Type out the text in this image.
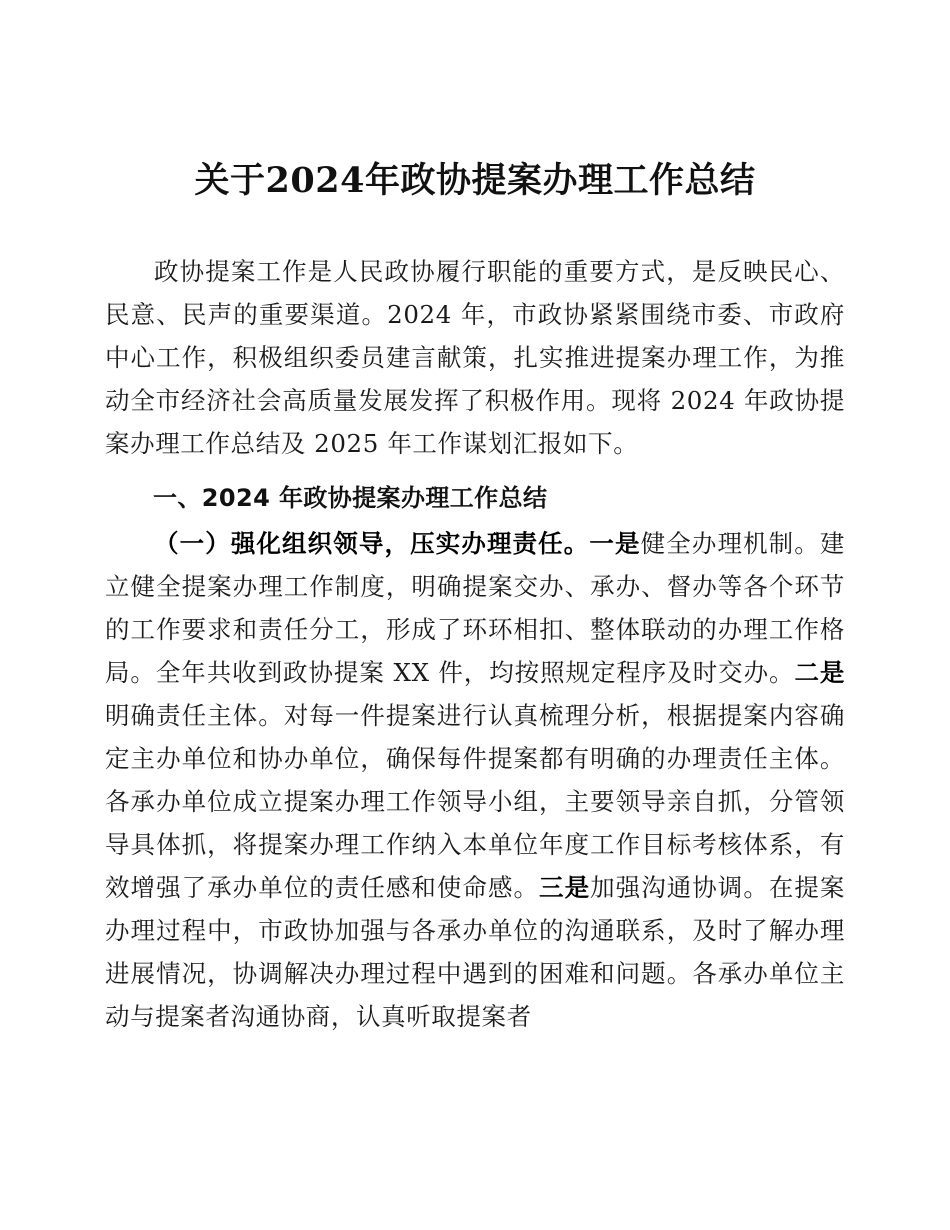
关于2024年政协提案办理工作总结

政协提案工作是人民政协履行职能的重要方式，是反映民心、民意、民声的重要渠道。2024 年，市政协紧紧围绕市委、市政府中心工作，积极组织委员建言献策，扎实推进提案办理工作，为推动全市经济社会高质量发展发挥了积极作用。现将 2024 年政协提案办理工作总结及 2025 年工作谋划汇报如下。

一、2024 年政协提案办理工作总结

（一）强化组织领导，压实办理责任。一是健全办理机制。建立健全提案办理工作制度，明确提案交办、承办、督办等各个环节的工作要求和责任分工，形成了环环相扣、整体联动的办理工作格局。全年共收到政协提案 XX 件，均按照规定程序及时交办。二是明确责任主体。对每一件提案进行认真梳理分析，根据提案内容确定主办单位和协办单位，确保每件提案都有明确的办理责任主体。各承办单位成立提案办理工作领导小组，主要领导亲自抓，分管领导具体抓，将提案办理工作纳入本单位年度工作目标考核体系，有效增强了承办单位的责任感和使命感。三是加强沟通协调。在提案办理过程中，市政协加强与各承办单位的沟通联系，及时了解办理进展情况，协调解决办理过程中遇到的困难和问题。各承办单位主动与提案者沟通协商，认真听取提案者
